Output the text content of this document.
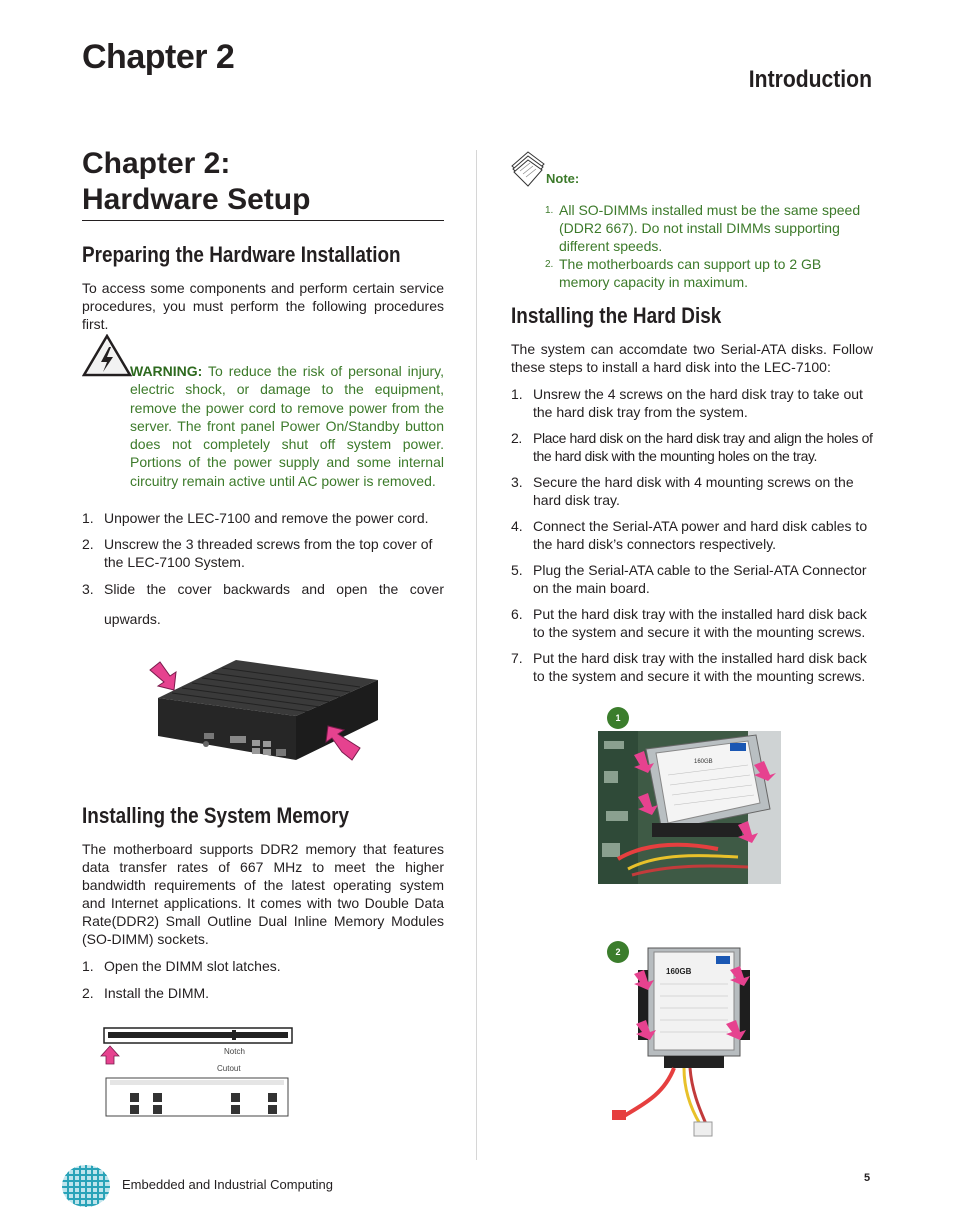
Chapter 2
Introduction
Chapter 2:
Hardware Setup
Preparing the Hardware Installation
To access some components and perform certain service procedures, you must perform the following procedures first.
WARNING: To reduce the risk of personal injury, electric shock, or damage to the equipment, remove the power cord to remove power from the server. The front panel Power On/Standby button does not completely shut off system power. Portions of the power supply and some internal circuitry remain active until AC power is removed.
1. Unpower the LEC-7100 and remove the power cord.
2. Unscrew the 3 threaded screws from the top cover of the LEC-7100 System.
3. Slide the cover backwards and open the cover upwards.
Installing the System Memory
The motherboard supports DDR2 memory that features data transfer rates of 667 MHz to meet the higher bandwidth requirements of the latest operating system and Internet applications. It comes with two Double Data Rate(DDR2) Small Outline Dual Inline Memory Modules (SO-DIMM) sockets.
1. Open the DIMM slot latches.
2. Install the DIMM.
Notch
Cutout
Note:
1. All SO-DIMMs installed must be the same speed (DDR2 667). Do not install DIMMs supporting different speeds.
2. The motherboards can support up to 2 GB memory capacity in maximum.
Installing the Hard Disk
The system can accomdate two Serial-ATA disks. Follow these steps to install a hard disk into the LEC-7100:
1. Unsrew the 4 screws on the hard disk tray to take out the hard disk tray from the system.
2. Place hard disk on the hard disk tray and align the holes of the hard disk with the mounting holes on the tray.
3. Secure the hard disk with 4 mounting screws on the hard disk tray.
4. Connect the Serial-ATA power and hard disk cables to the hard disk’s connectors respectively.
5. Plug the Serial-ATA cable to the Serial-ATA Connector on the main board.
6. Put the hard disk tray with the installed hard disk back to the system and secure it with the mounting screws.
7. Put the hard disk tray with the installed hard disk back to the system and secure it with the mounting screws.
1
160GB
2
160GB
Embedded and Industrial Computing	5
